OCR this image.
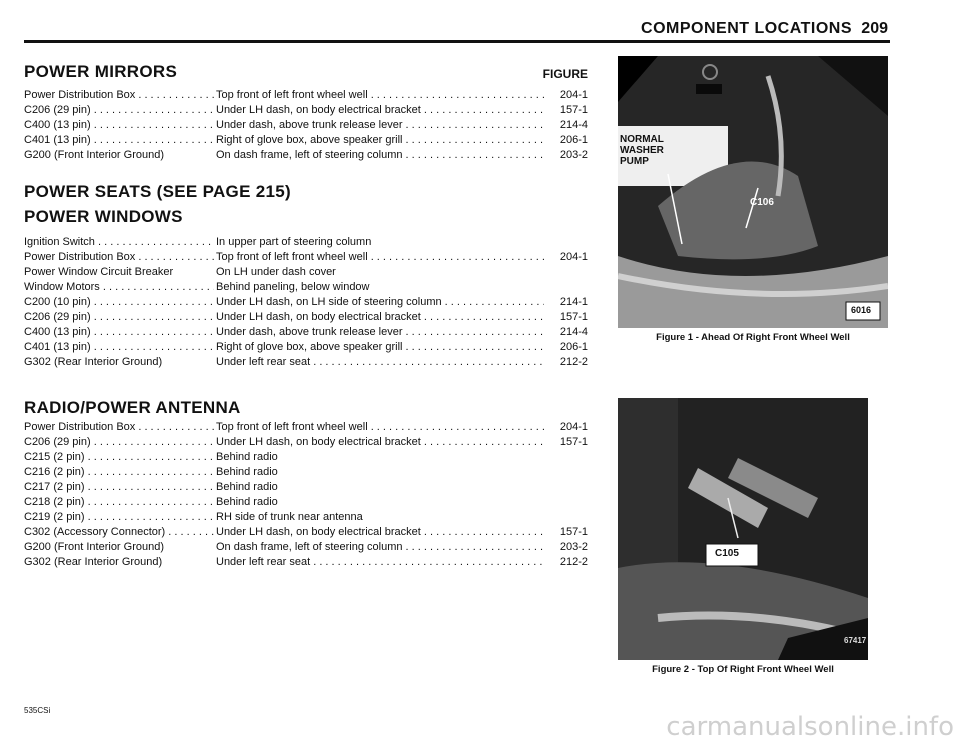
COMPONENT LOCATIONS 209
POWER MIRRORS	FIGURE
Power Distribution Box . . .	Top front of left front wheel well . . .	204-1
C206 (29 pin) . . .	Under LH dash, on body electrical bracket . . .	157-1
C400 (13 pin) . . .	Under dash, above trunk release lever . . .	214-4
C401 (13 pin) . . .	Right of glove box, above speaker grill . . .	206-1
G200 (Front Interior Ground)	On dash frame, left of steering column . . .	203-2
POWER SEATS (SEE PAGE 215)
POWER WINDOWS
Ignition Switch . . .	In upper part of steering column
Power Distribution Box . . .	Top front of left front wheel well . . .	204-1
Power Window Circuit Breaker	On LH under dash cover
Window Motors . . .	Behind paneling, below window
C200 (10 pin) . . .	Under LH dash, on LH side of steering column . . .	214-1
C206 (29 pin) . . .	Under LH dash, on body electrical bracket . . .	157-1
C400 (13 pin) . . .	Under dash, above trunk release lever . . .	214-4
C401 (13 pin) . . .	Right of glove box, above speaker grill . . .	206-1
G302 (Rear Interior Ground)	Under left rear seat . . .	212-2
RADIO/POWER ANTENNA
Power Distribution Box . . .	Top front of left front wheel well . . .	204-1
C206 (29 pin) . . .	Under LH dash, on body electrical bracket . . .	157-1
C215 (2 pin) . . .	Behind radio
C216 (2 pin) . . .	Behind radio
C217 (2 pin) . . .	Behind radio
C218 (2 pin) . . .	Behind radio
C219 (2 pin) . . .	RH side of trunk near antenna
C302 (Accessory Connector) . . .	Under LH dash, on body electrical bracket . . .	157-1
G200 (Front Interior Ground)	On dash frame, left of steering column . . .	203-2
G302 (Rear Interior Ground)	Under left rear seat . . .	212-2
NORMAL
WASHER
PUMP
C106
6016
Figure 1 - Ahead Of Right Front Wheel Well
C105
67417
Figure 2 - Top Of Right Front Wheel Well
535CSi
carmanualsonline.info
